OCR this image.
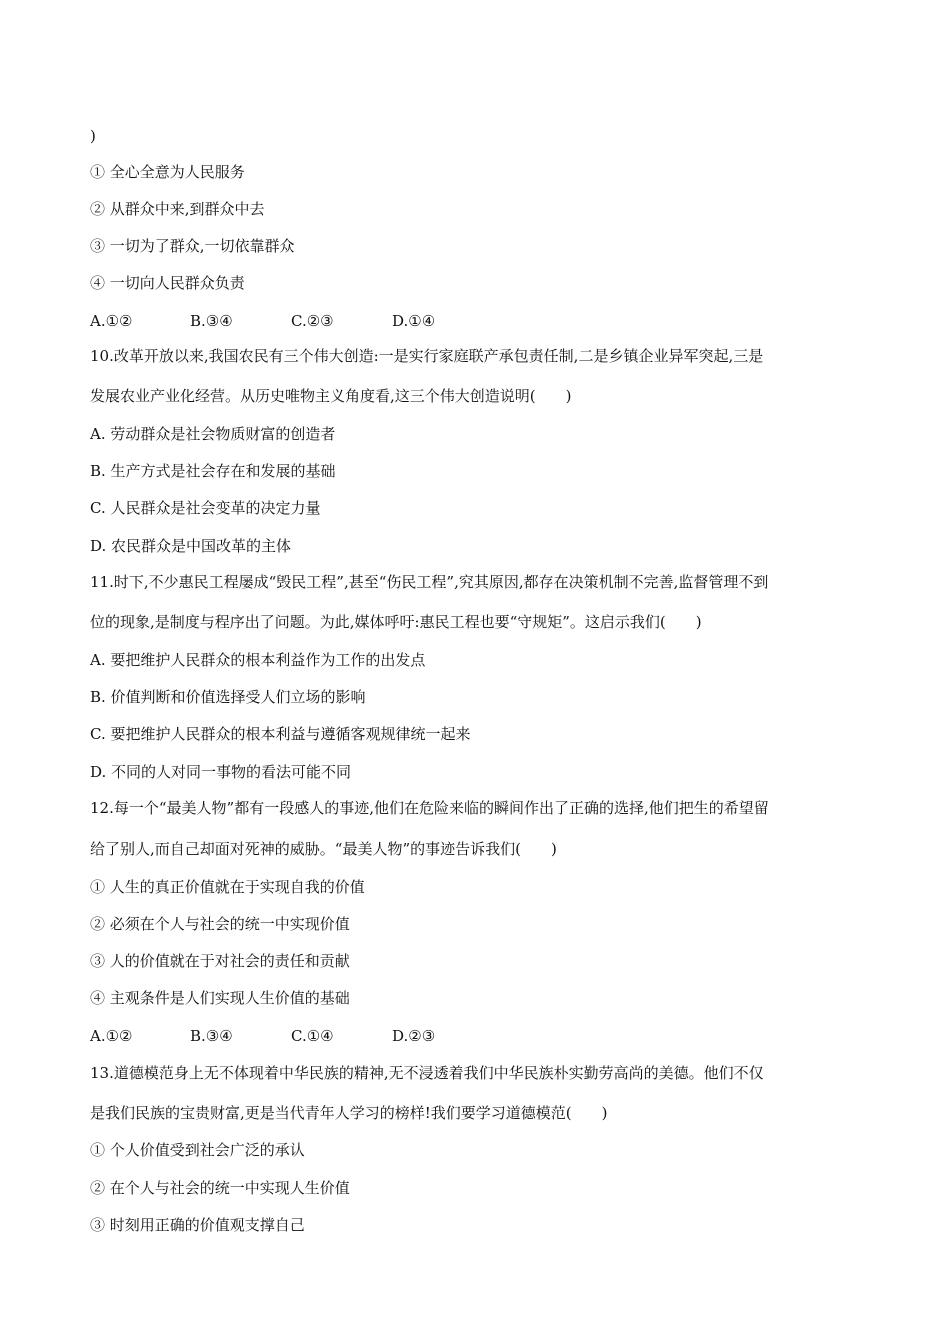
)
① 全心全意为人民服务
② 从群众中来,到群众中去
③ 一切为了群众,一切依靠群众
④ 一切向人民群众负责
A.①②	B.③④	C.②③	D.①④
10.改革开放以来,我国农民有三个伟大创造:一是实行家庭联产承包责任制,二是乡镇企业异军突起,三是
发展农业产业化经营。从历史唯物主义角度看,这三个伟大创造说明(　　)
A. 劳动群众是社会物质财富的创造者
B. 生产方式是社会存在和发展的基础
C. 人民群众是社会变革的决定力量
D. 农民群众是中国改革的主体
11.时下,不少惠民工程屡成“毁民工程”,甚至“伤民工程”,究其原因,都存在决策机制不完善,监督管理不到
位的现象,是制度与程序出了问题。为此,媒体呼吁:惠民工程也要“守规矩”。这启示我们(　　)
A. 要把维护人民群众的根本利益作为工作的出发点
B. 价值判断和价值选择受人们立场的影响
C. 要把维护人民群众的根本利益与遵循客观规律统一起来
D. 不同的人对同一事物的看法可能不同
12.每一个“最美人物”都有一段感人的事迹,他们在危险来临的瞬间作出了正确的选择,他们把生的希望留
给了别人,而自己却面对死神的威胁。“最美人物”的事迹告诉我们(　　)
① 人生的真正价值就在于实现自我的价值
② 必须在个人与社会的统一中实现价值
③ 人的价值就在于对社会的责任和贡献
④ 主观条件是人们实现人生价值的基础
A.①②	B.③④	C.①④	D.②③
13.道德模范身上无不体现着中华民族的精神,无不浸透着我们中华民族朴实勤劳高尚的美德。他们不仅
是我们民族的宝贵财富,更是当代青年人学习的榜样!我们要学习道德模范(　　)
① 个人价值受到社会广泛的承认
② 在个人与社会的统一中实现人生价值
③ 时刻用正确的价值观支撑自己
